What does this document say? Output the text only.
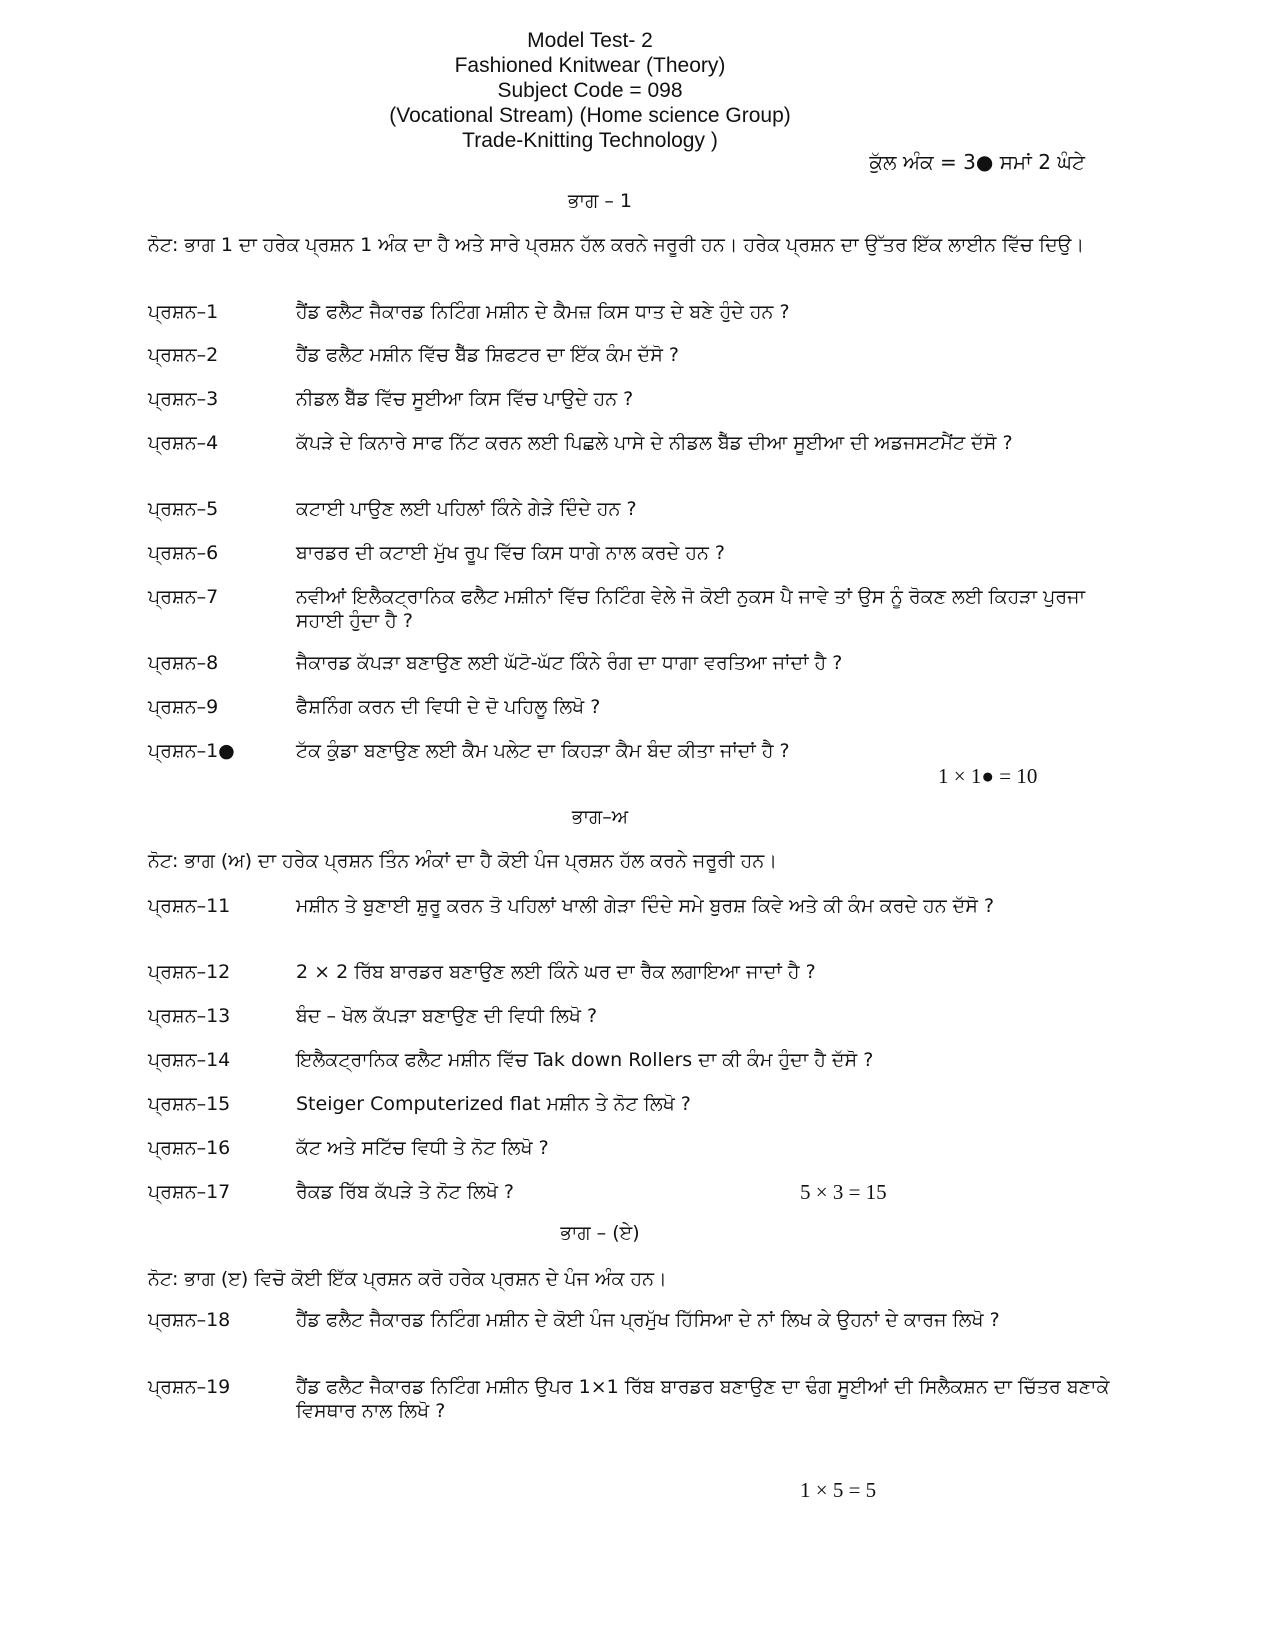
Model Test- 2
Fashioned Knitwear (Theory)
Subject Code = 098
(Vocational Stream) (Home science Group)
Trade-Knitting Technology )
ਕੁੱਲ ਅੰਕ = 3● ਸਮਾਂ 2 ਘੰਟੇ
ਭਾਗ – 1
ਨੋਟ: ਭਾਗ 1 ਦਾ ਹਰੇਕ ਪ੍ਰਸ਼ਨ 1 ਅੰਕ ਦਾ ਹੈ ਅਤੇ ਸਾਰੇ ਪ੍ਰਸ਼ਨ ਹੱਲ ਕਰਨੇ ਜਰੂਰੀ ਹਨ। ਹਰੇਕ ਪ੍ਰਸ਼ਨ ਦਾ ਉੱਤਰ ਇੱਕ ਲਾਈਨ ਵਿੱਚ ਦਿਉ।
ਪ੍ਰਸ਼ਨ–1	ਹੈਂਡ ਫਲੈਟ ਜੈਕਾਰਡ ਨਿਟਿੰਗ ਮਸ਼ੀਨ ਦੇ ਕੈਮਜ਼ ਕਿਸ ਧਾਤ ਦੇ ਬਣੇ ਹੁੰਦੇ ਹਨ ?
ਪ੍ਰਸ਼ਨ–2	ਹੈਂਡ ਫਲੈਟ ਮਸ਼ੀਨ ਵਿੱਚ ਬੈੱਡ ਸ਼ਿਫਟਰ ਦਾ ਇੱਕ ਕੰਮ ਦੱਸੋ ?
ਪ੍ਰਸ਼ਨ–3	ਨੀਡਲ ਬੈੱਡ ਵਿੱਚ ਸੂਈਆ ਕਿਸ ਵਿੱਚ ਪਾਉਦੇ ਹਨ ?
ਪ੍ਰਸ਼ਨ–4	ਕੱਪੜੇ ਦੇ ਕਿਨਾਰੇ ਸਾਫ ਨਿੱਟ ਕਰਨ ਲਈ ਪਿਛਲੇ ਪਾਸੇ ਦੇ ਨੀਡਲ ਬੈੱਡ ਦੀਆ ਸੂਈਆ ਦੀ ਅਡਜਸਟਮੈਂਟ ਦੱਸੋ ?
ਪ੍ਰਸ਼ਨ–5	ਕਟਾਈ ਪਾਉਣ ਲਈ ਪਹਿਲਾਂ ਕਿੰਨੇ ਗੇੜੇ ਦਿੰਦੇ ਹਨ ?
ਪ੍ਰਸ਼ਨ–6	ਬਾਰਡਰ ਦੀ ਕਟਾਈ ਮੁੱਖ ਰੂਪ ਵਿੱਚ ਕਿਸ ਧਾਗੇ ਨਾਲ ਕਰਦੇ ਹਨ ?
ਪ੍ਰਸ਼ਨ–7	ਨਵੀਆਂ ਇਲੈਕਟ੍ਰਾਨਿਕ ਫਲੈਟ ਮਸ਼ੀਨਾਂ ਵਿੱਚ ਨਿਟਿੰਗ ਵੇਲੇ ਜੋ ਕੋਈ ਨੁਕਸ ਪੈ ਜਾਵੇ ਤਾਂ ਉਸ ਨੂੰ ਰੋਕਣ ਲਈ ਕਿਹੜਾ ਪੁਰਜਾ ਸਹਾਈ ਹੁੰਦਾ ਹੈ ?
ਪ੍ਰਸ਼ਨ–8	ਜੈਕਾਰਡ ਕੱਪੜਾ ਬਣਾਉਣ ਲਈ ਘੱਟੋ-ਘੱਟ ਕਿੰਨੇ ਰੰਗ ਦਾ ਧਾਗਾ ਵਰਤਿਆ ਜਾਂਦਾਂ ਹੈ ?
ਪ੍ਰਸ਼ਨ–9	ਫੈਸ਼ਨਿੰਗ ਕਰਨ ਦੀ ਵਿਧੀ ਦੇ ਦੋ ਪਹਿਲੂ ਲਿਖੋ ?
ਪ੍ਰਸ਼ਨ–1●	ਟੱਕ ਕੁੰਡਾ ਬਣਾਉਣ ਲਈ ਕੈਮ ਪਲੇਟ ਦਾ ਕਿਹੜਾ ਕੈਮ ਬੰਦ ਕੀਤਾ ਜਾਂਦਾਂ ਹੈ ?
1 × 1● = 10
ਭਾਗ–ਅ
ਨੋਟ: ਭਾਗ (ਅ) ਦਾ ਹਰੇਕ ਪ੍ਰਸ਼ਨ ਤਿੰਨ ਅੰਕਾਂ ਦਾ ਹੈ ਕੋਈ ਪੰਜ ਪ੍ਰਸ਼ਨ ਹੱਲ ਕਰਨੇ ਜਰੂਰੀ ਹਨ।
ਪ੍ਰਸ਼ਨ–11	ਮਸ਼ੀਨ ਤੇ ਬੁਣਾਈ ਸ਼ੁਰੂ ਕਰਨ ਤੋ ਪਹਿਲਾਂ ਖਾਲੀ ਗੇੜਾ ਦਿੰਦੇ ਸਮੇ ਬੁਰਸ਼ ਕਿਵੇ ਅਤੇ ਕੀ ਕੰਮ ਕਰਦੇ ਹਨ ਦੱਸੋ ?
ਪ੍ਰਸ਼ਨ–12	2 × 2 ਰਿੱਬ ਬਾਰਡਰ ਬਣਾਉਣ ਲਈ ਕਿੰਨੇ ਘਰ ਦਾ ਰੈਕ ਲਗਾਇਆ ਜਾਦਾਂ ਹੈ ?
ਪ੍ਰਸ਼ਨ–13	ਬੰਦ – ਖੋਲ ਕੱਪੜਾ ਬਣਾਉਣ ਦੀ ਵਿਧੀ ਲਿਖੋ ?
ਪ੍ਰਸ਼ਨ–14	ਇਲੈਕਟ੍ਰਾਨਿਕ ਫਲੈਟ ਮਸ਼ੀਨ ਵਿੱਚ Tak down Rollers ਦਾ ਕੀ ਕੰਮ ਹੁੰਦਾ ਹੈ ਦੱਸੋ ?
ਪ੍ਰਸ਼ਨ–15	Steiger Computerized flat ਮਸ਼ੀਨ ਤੇ ਨੋਟ ਲਿਖੋ ?
ਪ੍ਰਸ਼ਨ–16	ਕੱਟ ਅਤੇ ਸਟਿੱਚ ਵਿਧੀ ਤੇ ਨੋਟ ਲਿਖੋ ?
ਪ੍ਰਸ਼ਨ–17	ਰੈਕਡ ਰਿੱਬ ਕੱਪੜੇ ਤੇ ਨੋਟ ਲਿਖੋ ?	5 × 3 = 15
ਭਾਗ – (ਏ)
ਨੋਟ: ਭਾਗ (ੲ) ਵਿਚੋ ਕੋਈ ਇੱਕ ਪ੍ਰਸ਼ਨ ਕਰੋ ਹਰੇਕ ਪ੍ਰਸ਼ਨ ਦੇ ਪੰਜ ਅੰਕ ਹਨ।
ਪ੍ਰਸ਼ਨ–18	ਹੈਂਡ ਫਲੈਟ ਜੈਕਾਰਡ ਨਿਟਿੰਗ ਮਸ਼ੀਨ ਦੇ ਕੋਈ ਪੰਜ ਪ੍ਰਮੁੱਖ ਹਿੱਸਿਆ ਦੇ ਨਾਂ ਲਿਖ ਕੇ ਉਹਨਾਂ ਦੇ ਕਾਰਜ ਲਿਖੋ ?
ਪ੍ਰਸ਼ਨ–19	ਹੈਂਡ ਫਲੈਟ ਜੈਕਾਰਡ ਨਿਟਿੰਗ ਮਸ਼ੀਨ ਉਪਰ 1×1 ਰਿੱਬ ਬਾਰਡਰ ਬਣਾਉਣ ਦਾ ਢੰਗ ਸੂਈਆਂ ਦੀ ਸਿਲੈਕਸ਼ਨ ਦਾ ਚਿੱਤਰ ਬਣਾਕੇ ਵਿਸਥਾਰ ਨਾਲ ਲਿਖੋ ?
1 × 5 = 5
